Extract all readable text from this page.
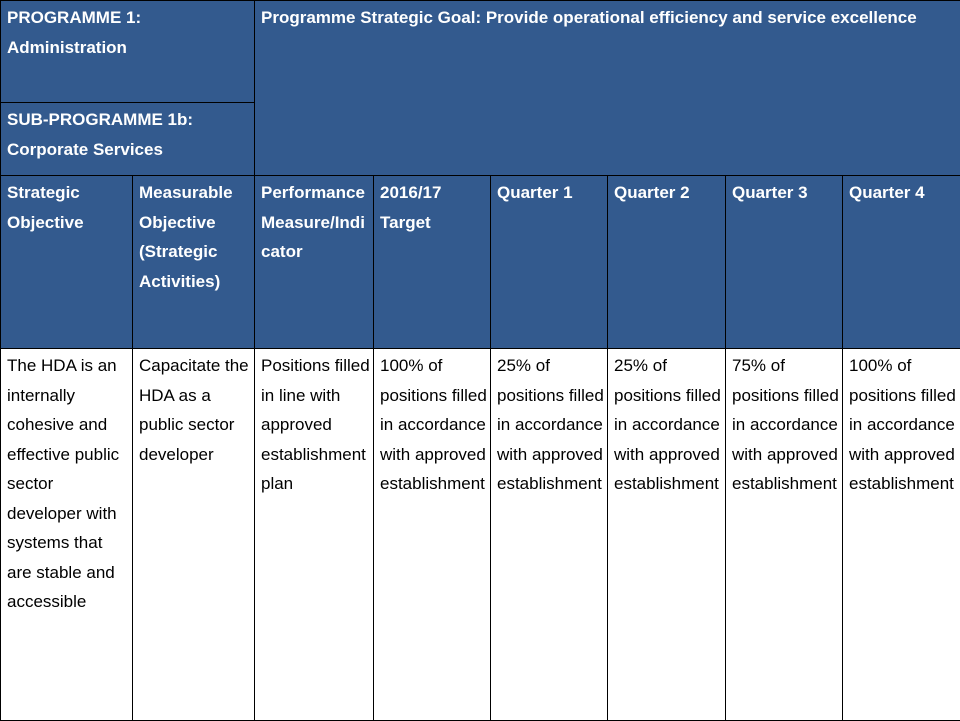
PROGRAMME 1: Administration		Programme Strategic Goal: Provide operational efficiency and service excellence					

SUB-PROGRAMME 1b: Corporate Services							
Strategic Objective	Measurable Objective (Strategic Activities)	Performance Measure/Indicator	2016/17 Target	Quarter 1	Quarter 2	Quarter 3	Quarter 4
The HDA is an internally cohesive and effective public sector developer with systems that are stable and accessible	Capacitate the HDA as a public sector developer	Positions filled in line with approved establishment plan	100% of positions filled in accordance with approved establishment	25% of positions filled in accordance with approved establishment	25% of positions filled in accordance with approved establishment	75% of positions filled in accordance with approved establishment	100% of positions filled in accordance with approved establishment
